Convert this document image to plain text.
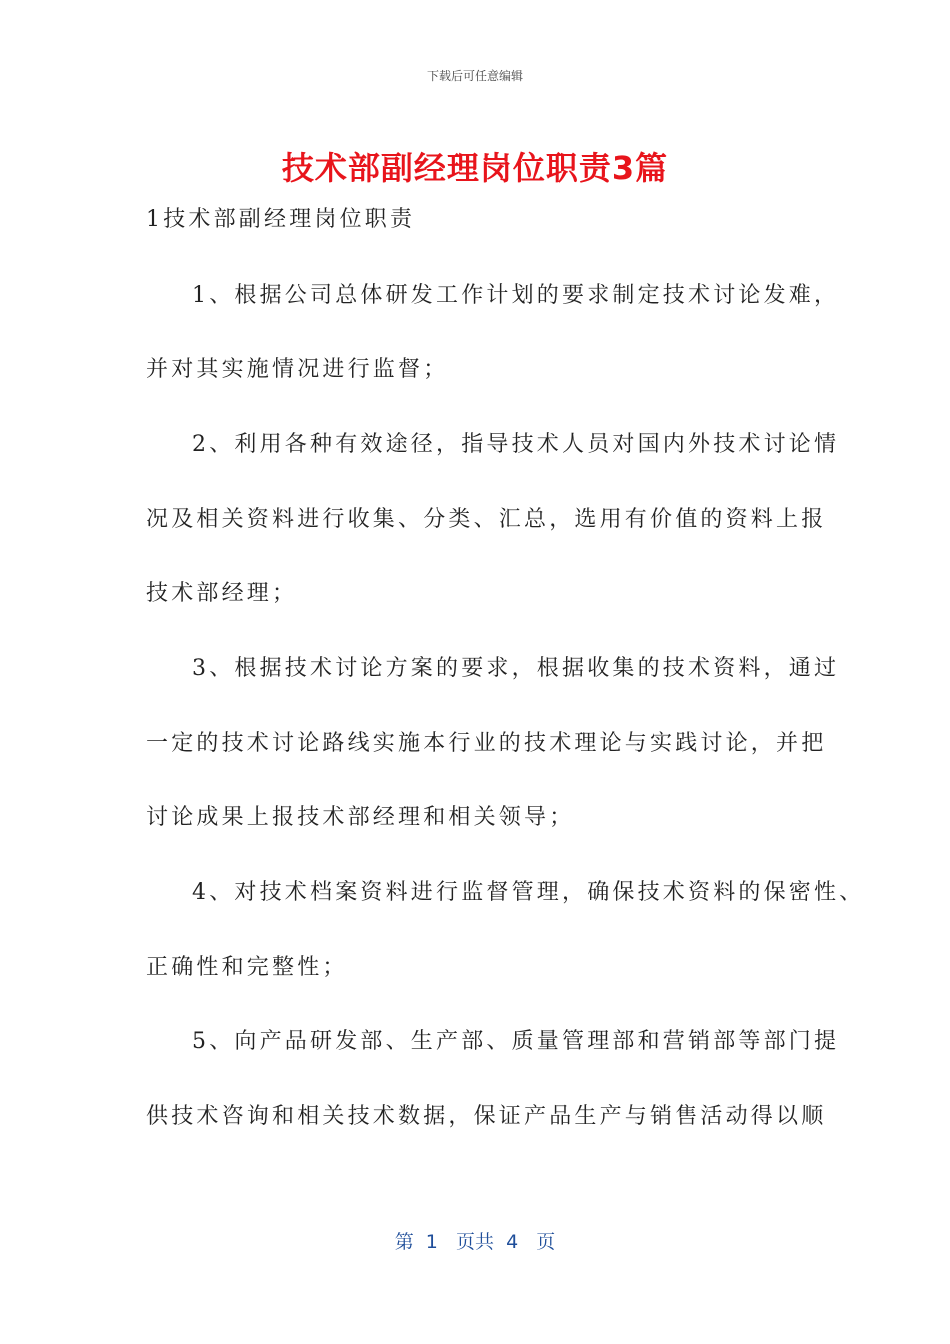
下载后可任意编辑
技术部副经理岗位职责3篇
1技术部副经理岗位职责
1、根据公司总体研发工作计划的要求制定技术讨论发难，
并对其实施情况进行监督；
2、利用各种有效途径，指导技术人员对国内外技术讨论情
况及相关资料进行收集、分类、汇总，选用有价值的资料上报
技术部经理；
3、根据技术讨论方案的要求，根据收集的技术资料，通过
一定的技术讨论路线实施本行业的技术理论与实践讨论，并把
讨论成果上报技术部经理和相关领导；
4、对技术档案资料进行监督管理，确保技术资料的保密性、
正确性和完整性；
5、向产品研发部、生产部、质量管理部和营销部等部门提
供技术咨询和相关技术数据，保证产品生产与销售活动得以顺
第  1   页共  4   页
